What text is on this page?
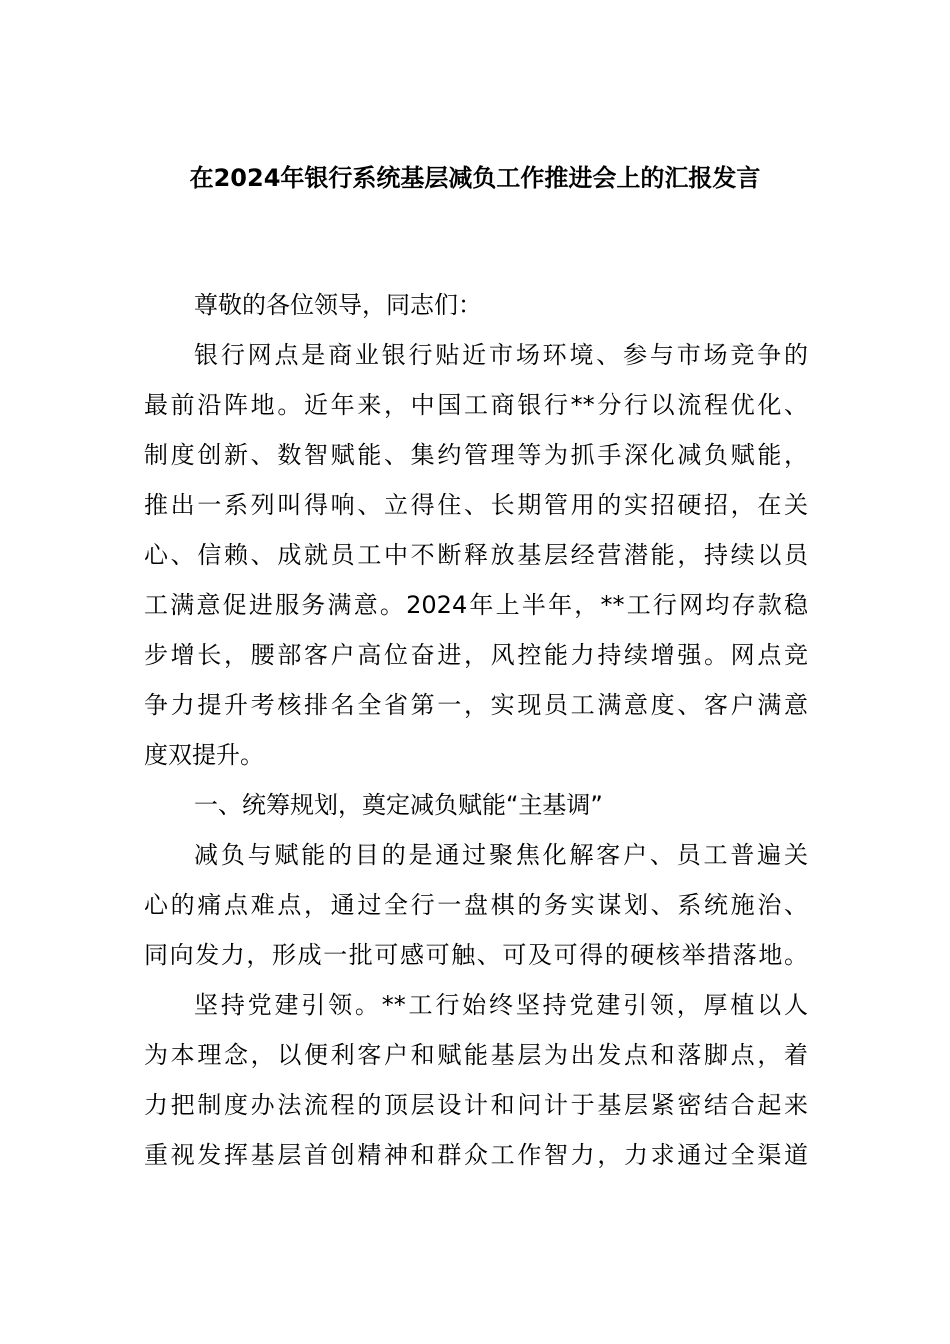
在2024年银行系统基层减负工作推进会上的汇报发言
尊敬的各位领导，同志们：
银行网点是商业银行贴近市场环境、参与市场竞争的
最前沿阵地。近年来，中国工商银行**分行以流程优化、
制度创新、数智赋能、集约管理等为抓手深化减负赋能，
推出一系列叫得响、立得住、长期管用的实招硬招，在关
心、信赖、成就员工中不断释放基层经营潜能，持续以员
工满意促进服务满意。2024年上半年，**工行网均存款稳
步增长，腰部客户高位奋进，风控能力持续增强。网点竞
争力提升考核排名全省第一，实现员工满意度、客户满意
度双提升。
一、统筹规划，奠定减负赋能“主基调”
减负与赋能的目的是通过聚焦化解客户、员工普遍关
心的痛点难点，通过全行一盘棋的务实谋划、系统施治、
同向发力，形成一批可感可触、可及可得的硬核举措落地。
坚持党建引领。**工行始终坚持党建引领，厚植以人
为本理念，以便利客户和赋能基层为出发点和落脚点，着
力把制度办法流程的顶层设计和问计于基层紧密结合起来
重视发挥基层首创精神和群众工作智力，力求通过全渠道
